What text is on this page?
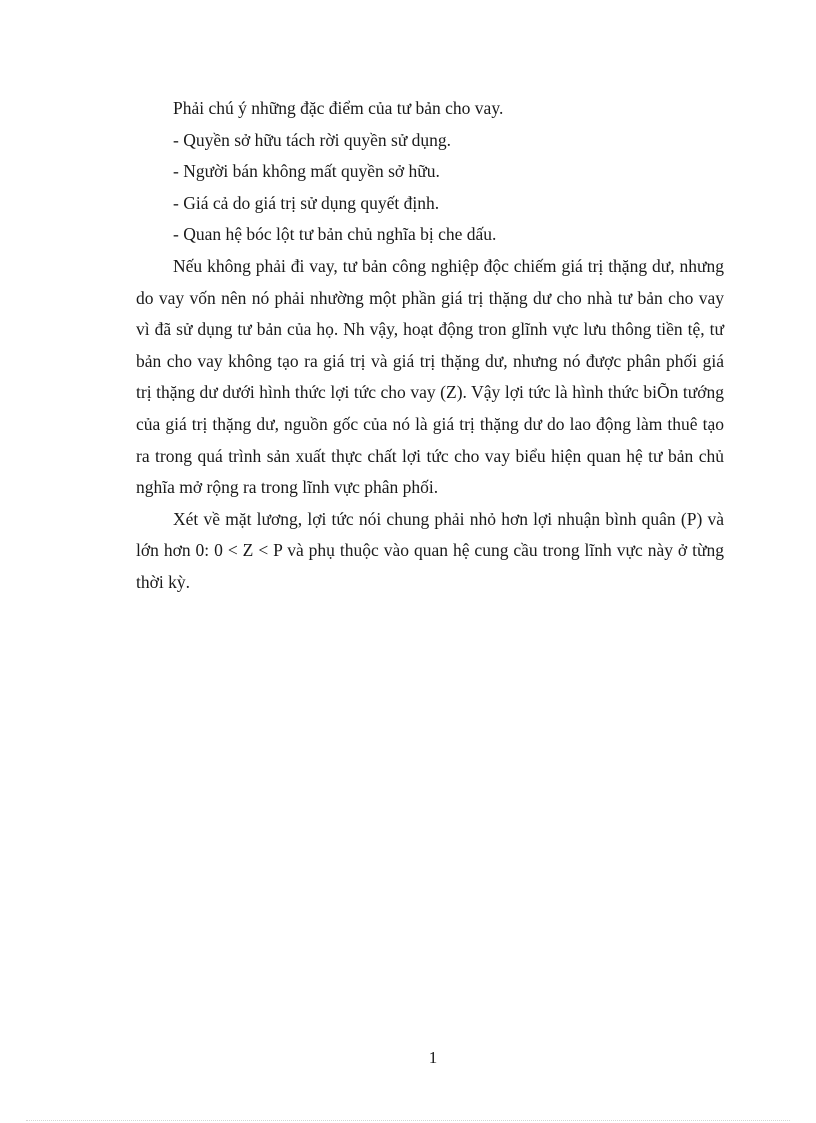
Phải chú ý những đặc điểm của tư bản cho vay.

- Quyền sở hữu tách rời quyền sử dụng.

- Người bán không mất quyền sở hữu.

- Giá cả do giá trị sử dụng quyết định.

- Quan hệ bóc lột tư bản chủ nghĩa bị che dấu.

Nếu không phải đi vay, tư bản công nghiệp độc chiếm giá trị thặng dư, nhưng do vay vốn nên nó phải nhường một phần giá trị thặng dư cho nhà tư bản cho vay vì đã sử dụng tư bản của họ. Nh vậy, hoạt động tron glĩnh vực lưu thông tiền tệ, tư bản cho vay không tạo ra giá trị và giá trị thặng dư, nhưng nó được phân phối giá trị thặng dư dưới hình thức lợi tức cho vay (Z). Vậy lợi tức là hình thức biÕn tướng của giá trị thặng dư, nguồn gốc của nó là giá trị thặng dư do lao động làm thuê tạo ra trong quá trình sản xuất thực chất lợi tức cho vay biểu hiện quan hệ tư bản chủ nghĩa mở rộng ra trong lĩnh vực phân phối.

Xét về mặt lương, lợi tức nói chung phải nhỏ hơn lợi nhuận bình quân (P) và lớn hơn 0: 0 < Z < P và phụ thuộc vào quan hệ cung cầu trong lĩnh vực này ở từng thời kỳ.

1
